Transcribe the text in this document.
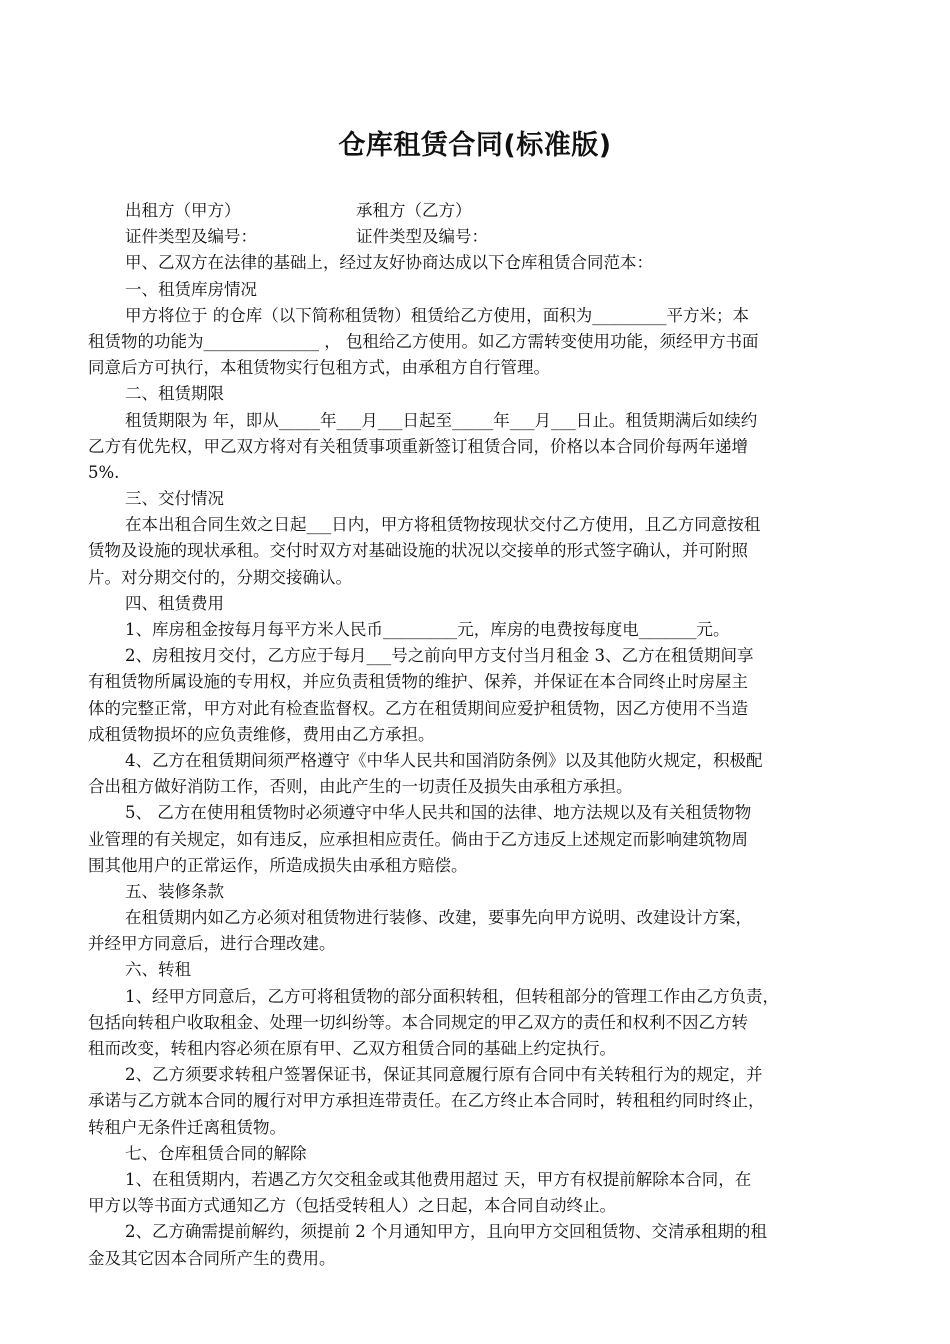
仓库租赁合同(标准版)
出租方（甲方）	承租方（乙方）
证件类型及编号：	证件类型及编号：
甲、乙双方在法律的基础上，经过友好协商达成以下仓库租赁合同范本：
一、租赁库房情况
甲方将位于 的仓库（以下简称租赁物）租赁给乙方使用，面积为_________平方米；本
租赁物的功能为______________ ， 包租给乙方使用。如乙方需转变使用功能，须经甲方书面
同意后方可执行，本租赁物实行包租方式，由承租方自行管理。
二、租赁期限
租赁期限为 年，即从_____年___月___日起至_____年___月___日止。租赁期满后如续约
乙方有优先权，甲乙双方将对有关租赁事项重新签订租赁合同，价格以本合同价每两年递增
5%.
三、交付情况
在本出租合同生效之日起___日内，甲方将租赁物按现状交付乙方使用，且乙方同意按租
赁物及设施的现状承租。交付时双方对基础设施的状况以交接单的形式签字确认，并可附照
片。对分期交付的，分期交接确认。
四、租赁费用
1、库房租金按每月每平方米人民币_________元，库房的电费按每度电_______元。
2、房租按月交付，乙方应于每月___号之前向甲方支付当月租金 3、乙方在租赁期间享
有租赁物所属设施的专用权，并应负责租赁物的维护、保养，并保证在本合同终止时房屋主
体的完整正常，甲方对此有检查监督权。乙方在租赁期间应爱护租赁物，因乙方使用不当造
成租赁物损坏的应负责维修，费用由乙方承担。
4、乙方在租赁期间须严格遵守《中华人民共和国消防条例》以及其他防火规定，积极配
合出租方做好消防工作，否则，由此产生的一切责任及损失由承租方承担。
5、 乙方在使用租赁物时必须遵守中华人民共和国的法律、地方法规以及有关租赁物物
业管理的有关规定，如有违反，应承担相应责任。倘由于乙方违反上述规定而影响建筑物周
围其他用户的正常运作，所造成损失由承租方赔偿。
五、装修条款
在租赁期内如乙方必须对租赁物进行装修、改建，要事先向甲方说明、改建设计方案，
并经甲方同意后，进行合理改建。
六、转租
1、经甲方同意后，乙方可将租赁物的部分面积转租，但转租部分的管理工作由乙方负责，
包括向转租户收取租金、处理一切纠纷等。本合同规定的甲乙双方的责任和权利不因乙方转
租而改变，转租内容必须在原有甲、乙双方租赁合同的基础上约定执行。
2、乙方须要求转租户签署保证书，保证其同意履行原有合同中有关转租行为的规定，并
承诺与乙方就本合同的履行对甲方承担连带责任。在乙方终止本合同时，转租租约同时终止，
转租户无条件迁离租赁物。
七、仓库租赁合同的解除
1、在租赁期内，若遇乙方欠交租金或其他费用超过 天，甲方有权提前解除本合同，在
甲方以等书面方式通知乙方（包括受转租人）之日起，本合同自动终止。
2、乙方确需提前解约，须提前 2 个月通知甲方，且向甲方交回租赁物、交清承租期的租
金及其它因本合同所产生的费用。
